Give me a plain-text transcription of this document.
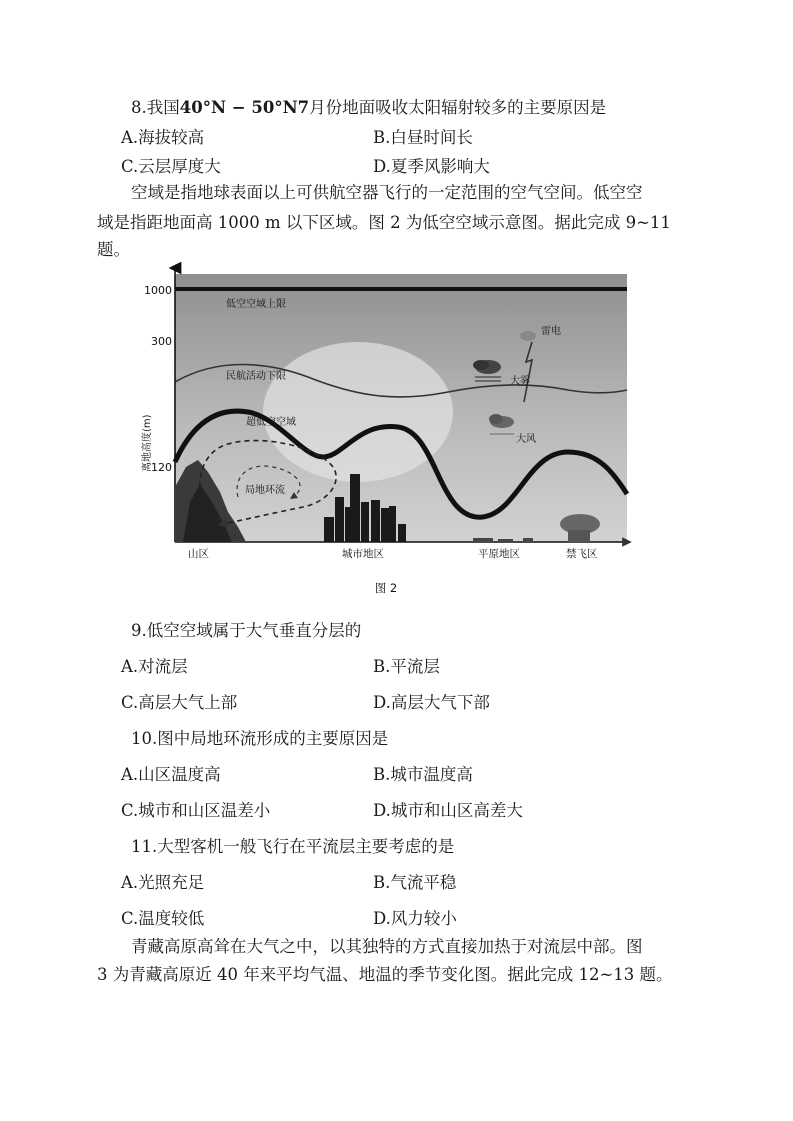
8.我国40°N − 50°N7月份地面吸收太阳辐射较多的主要原因是
A.海拔较高	B.白昼时间长
C.云层厚度大	D.夏季风影响大
空域是指地球表面以上可供航空器飞行的一定范围的空气空间。低空空
域是指距地面高 1000 m 以下区域。图 2 为低空空域示意图。据此完成 9~11
题。
1000
300
120
离地高度(m)
低空空域上限
民航活动下限
超低空空域
局地环流
雷电
大雾
大风
山区	城市地区	平原地区	禁飞区
图 2
9.低空空域属于大气垂直分层的
A.对流层	B.平流层
C.高层大气上部	D.高层大气下部
10.图中局地环流形成的主要原因是
A.山区温度高	B.城市温度高
C.城市和山区温差小	D.城市和山区高差大
11.大型客机一般飞行在平流层主要考虑的是
A.光照充足	B.气流平稳
C.温度较低	D.风力较小
青藏高原高耸在大气之中，以其独特的方式直接加热于对流层中部。图
3 为青藏高原近 40 年来平均气温、地温的季节变化图。据此完成 12~13 题。
